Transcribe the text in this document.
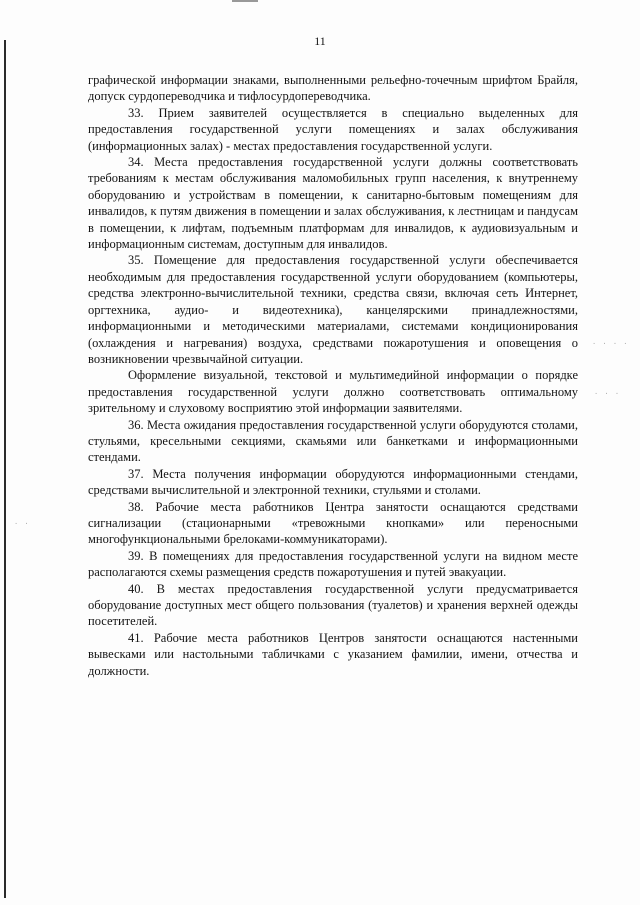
· · · ·
· · ·
· ·
11

графической информации знаками, выполненными рельефно-точечным шрифтом Брайля, допуск сурдопереводчика и тифлосурдопереводчика.

33. Прием заявителей осуществляется в специально выделенных для предоставления государственной услуги помещениях и залах обслуживания (информационных залах) - местах предоставления государственной услуги.

34. Места предоставления государственной услуги должны соответствовать требованиям к местам обслуживания маломобильных групп населения, к внутреннему оборудованию и устройствам в помещении, к санитарно-бытовым помещениям для инвалидов, к путям движения в помещении и залах обслуживания, к лестницам и пандусам в помещении, к лифтам, подъемным платформам для инвалидов, к аудиовизуальным и информационным системам, доступным для инвалидов.

35. Помещение для предоставления государственной услуги обеспечивается необходимым для предоставления государственной услуги оборудованием (компьютеры, средства электронно-вычислительной техники, средства связи, включая сеть Интернет, оргтехника, аудио- и видеотехника), канцелярскими принадлежностями, информационными и методическими материалами, системами кондиционирования (охлаждения и нагревания) воздуха, средствами пожаротушения и оповещения о возникновении чрезвычайной ситуации.

Оформление визуальной, текстовой и мультимедийной информации о порядке предоставления государственной услуги должно соответствовать оптимальному зрительному и слуховому восприятию этой информации заявителями.

36. Места ожидания предоставления государственной услуги оборудуются столами, стульями, кресельными секциями, скамьями или банкетками и информационными стендами.

37. Места получения информации оборудуются информационными стендами, средствами вычислительной и электронной техники, стульями и столами.

38. Рабочие места работников Центра занятости оснащаются средствами сигнализации (стационарными «тревожными кнопками» или переносными многофункциональными брелоками-коммуникаторами).

39. В помещениях для предоставления государственной услуги на видном месте располагаются схемы размещения средств пожаротушения и путей эвакуации.

40. В местах предоставления государственной услуги предусматривается оборудование доступных мест общего пользования (туалетов) и хранения верхней одежды посетителей.

41. Рабочие места работников Центров занятости оснащаются настенными вывесками или настольными табличками с указанием фамилии, имени, отчества и должности.
